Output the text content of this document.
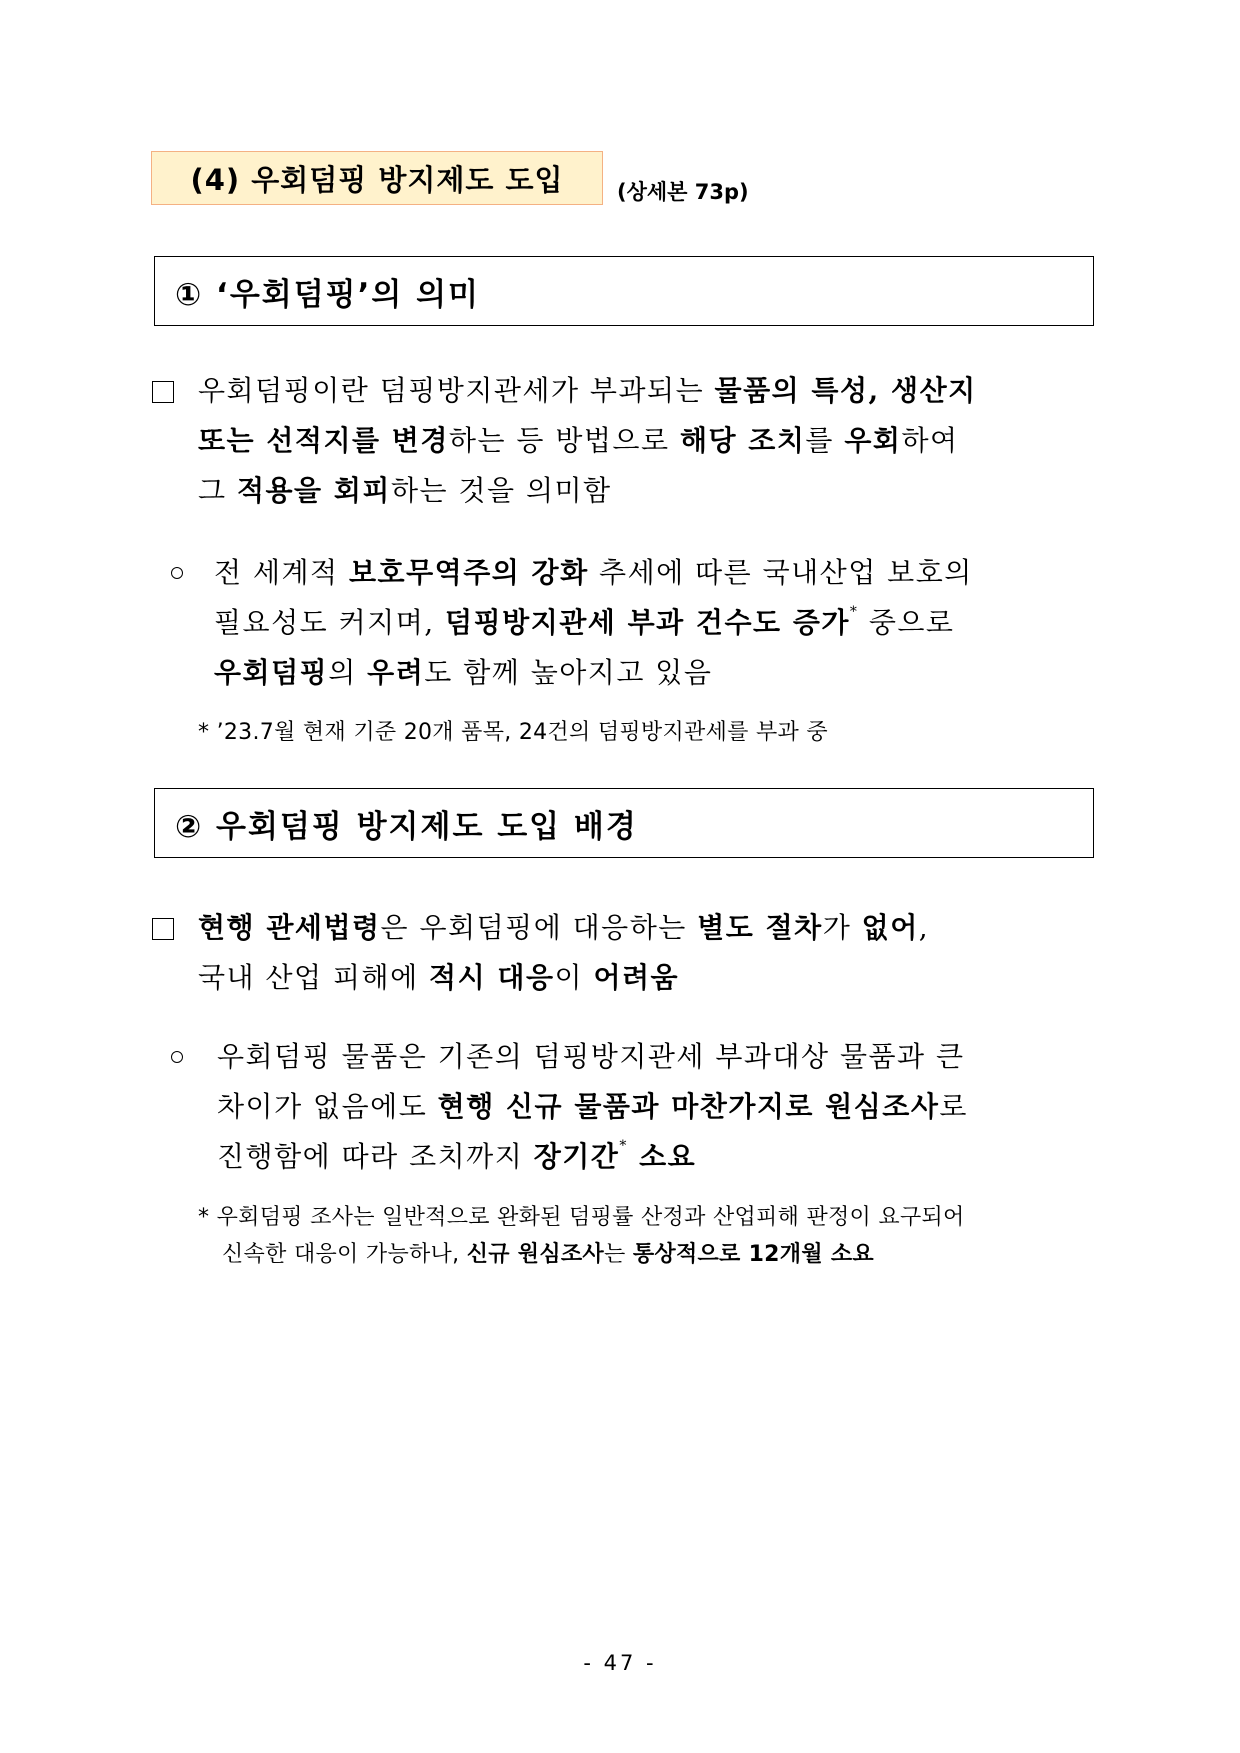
(4) 우회덤핑 방지제도 도입	(상세본 73p)
① ‘우회덤핑’의 의미
우회덤핑이란 덤핑방지관세가 부과되는 물품의 특성, 생산지
또는 선적지를 변경하는 등 방법으로 해당 조치를 우회하여
그 적용을 회피하는 것을 의미함
전 세계적 보호무역주의 강화 추세에 따른 국내산업 보호의
필요성도 커지며, 덤핑방지관세 부과 건수도 증가* 중으로
우회덤핑의 우려도 함께 높아지고 있음
* ’23.7월 현재 기준 20개 품목, 24건의 덤핑방지관세를 부과 중
② 우회덤핑 방지제도 도입 배경
현행 관세법령은 우회덤핑에 대응하는 별도 절차가 없어,
국내 산업 피해에 적시 대응이 어려움
우회덤핑 물품은 기존의 덤핑방지관세 부과대상 물품과 큰
차이가 없음에도 현행 신규 물품과 마찬가지로 원심조사로
진행함에 따라 조치까지 장기간* 소요
* 우회덤핑 조사는 일반적으로 완화된 덤핑률 산정과 산업피해 판정이 요구되어
신속한 대응이 가능하나, 신규 원심조사는 통상적으로 12개월 소요
- 47 -
